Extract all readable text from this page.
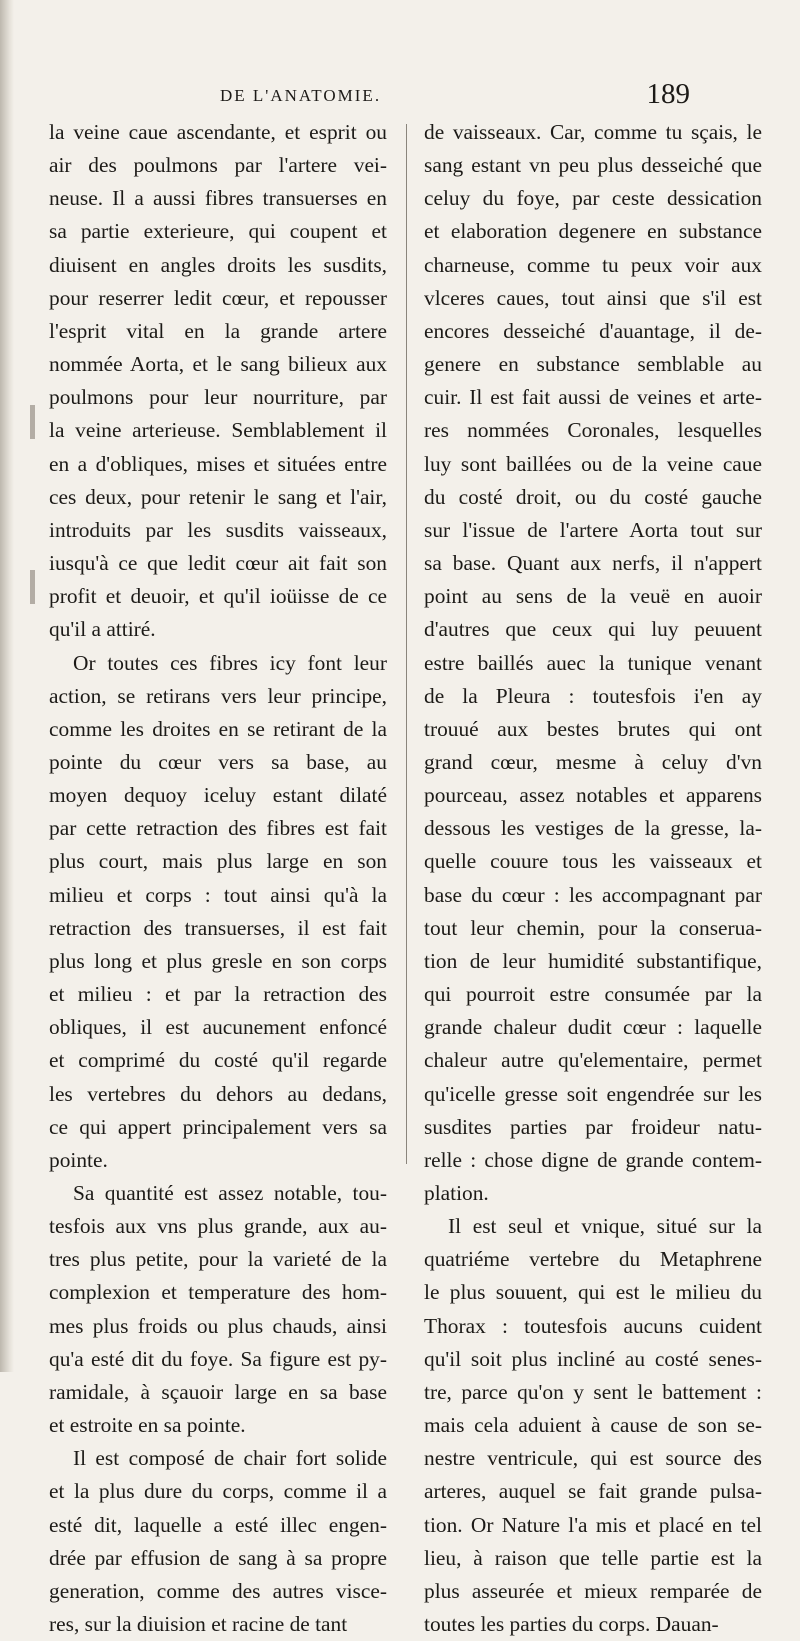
DE L'ANATOMIE.	189
la veine caue ascendante, et esprit ou
air des poulmons par l'artere vei-
neuse. Il a aussi fibres transuerses en
sa partie exterieure, qui coupent et
diuisent en angles droits les susdits,
pour reserrer ledit cœur, et repousser
l'esprit vital en la grande artere
nommée Aorta, et le sang bilieux aux
poulmons pour leur nourriture, par
la veine arterieuse. Semblablement il
en a d'obliques, mises et situées entre
ces deux, pour retenir le sang et l'air,
introduits par les susdits vaisseaux,
iusqu'à ce que ledit cœur ait fait son
profit et deuoir, et qu'il ioüisse de ce
qu'il a attiré.
Or toutes ces fibres icy font leur
action, se retirans vers leur principe,
comme les droites en se retirant de la
pointe du cœur vers sa base, au
moyen dequoy iceluy estant dilaté
par cette retraction des fibres est fait
plus court, mais plus large en son
milieu et corps : tout ainsi qu'à la
retraction des transuerses, il est fait
plus long et plus gresle en son corps
et milieu : et par la retraction des
obliques, il est aucunement enfoncé
et comprimé du costé qu'il regarde
les vertebres du dehors au dedans,
ce qui appert principalement vers sa
pointe.
Sa quantité est assez notable, tou-
tesfois aux vns plus grande, aux au-
tres plus petite, pour la varieté de la
complexion et temperature des hom-
mes plus froids ou plus chauds, ainsi
qu'a esté dit du foye. Sa figure est py-
ramidale, à sçauoir large en sa base
et estroite en sa pointe.
Il est composé de chair fort solide
et la plus dure du corps, comme il a
esté dit, laquelle a esté illec engen-
drée par effusion de sang à sa propre
generation, comme des autres visce-
res, sur la diuision et racine de tant
de vaisseaux. Car, comme tu sçais, le
sang estant vn peu plus desseiché que
celuy du foye, par ceste dessication
et elaboration degenere en substance
charneuse, comme tu peux voir aux
vlceres caues, tout ainsi que s'il est
encores desseiché d'auantage, il de-
genere en substance semblable au
cuir. Il est fait aussi de veines et arte-
res nommées Coronales, lesquelles
luy sont baillées ou de la veine caue
du costé droit, ou du costé gauche
sur l'issue de l'artere Aorta tout sur
sa base. Quant aux nerfs, il n'appert
point au sens de la veuë en auoir
d'autres que ceux qui luy peuuent
estre baillés auec la tunique venant
de la Pleura : toutesfois i'en ay
trouué aux bestes brutes qui ont
grand cœur, mesme à celuy d'vn
pourceau, assez notables et apparens
dessous les vestiges de la gresse, la-
quelle couure tous les vaisseaux et
base du cœur : les accompagnant par
tout leur chemin, pour la conserua-
tion de leur humidité substantifique,
qui pourroit estre consumée par la
grande chaleur dudit cœur : laquelle
chaleur autre qu'elementaire, permet
qu'icelle gresse soit engendrée sur les
susdites parties par froideur natu-
relle : chose digne de grande contem-
plation.
Il est seul et vnique, situé sur la
quatriéme vertebre du Metaphrene
le plus souuent, qui est le milieu du
Thorax : toutesfois aucuns cuident
qu'il soit plus incliné au costé senes-
tre, parce qu'on y sent le battement :
mais cela aduient à cause de son se-
nestre ventricule, qui est source des
arteres, auquel se fait grande pulsa-
tion. Or Nature l'a mis et placé en tel
lieu, à raison que telle partie est la
plus asseurée et mieux remparée de
toutes les parties du corps. Dauan-
